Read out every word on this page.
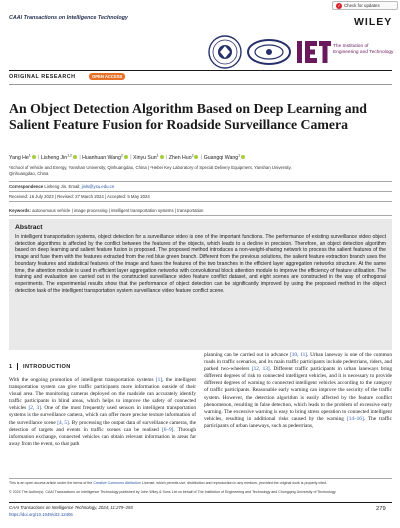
CAAI Transactions on Intelligence Technology
✓ Check for updates
WILEY
The Institution of
Engineering and Technology
ORIGINAL RESEARCH	OPEN ACCESS
An Object Detection Algorithm Based on Deep Learning and Salient Feature Fusion for Roadside Surveillance Camera
Yang He$^1$ | Lisheng Jin$^{1,2}$ | Huanhuan Wang$^2$ | Xinyu Sun$^1$ | Zhen Huo$^2$ | Guangqi Wang$^1$
¹School of Vehicle and Energy, Yanshan University, Qinhuangdao, China | ²Hebei Key Laboratory of Special Delivery Equipment, Yanshan University,
Qinhuangdao, China
Correspondence Lisheng Jin. Email: jinls@ysu.edu.cn
Received: 16 July 2023 | Revised: 27 March 2024 | Accepted: 5 May 2024
Keywords: autonomous vehicle | image processing | intelligent transportation systems | transportation
Abstract
In intelligent transportation systems, object detection for a surveillance video is one of the important functions. The performance of existing surveillance video object detection algorithms is affected by the conflict between the features of the objects, which leads to a decline in precision. Therefore, an object detection algorithm based on deep learning and salient feature fusion is proposed. The proposed method introduces a non-weight-sharing network to process the salient features of the image and fuse them with the features extracted from the red blue green branch. Different from the previous solutions, the salient feature extraction branch uses the boundary features and statistical features of the image and fuses the features of the two branches in the efficient layer aggregation networks structure. At the same time, the attention module is used in efficient layer aggregation networks with convolutional block attention module to improve the efficiency of feature utilisation. The training and evaluation are carried out in the constructed surveillance video feature conflict dataset, and eight scenes are constructed in the way of orthogonal experiments. The experimental results show that the performance of object detection can be significantly improved by using the proposed method in the object detection task of the intelligent transportation system surveillance video feature conflict scene.
1 INTRODUCTION
With the ongoing promotion of intelligent transportation systems [1], the intelligent transportation system can give traffic participants more information outside of their visual area. The monitoring cameras deployed on the roadside can accurately identify traffic participants in blind areas, which helps to improve the safety of connected vehicles [2, 3]. One of the most frequently used sensors in intelligent transportation systems is the surveillance camera, which can offer more precise texture information of the surveillance scene [4, 5]. By processing the output data of surveillance cameras, the detection of targets and events in traffic scenes can be realised [6–9]. Through information exchange, connected vehicles can obtain relevant information in areas far away from the event, so that path
planning can be carried out in advance [10, 11]. Urban laneway is one of the common roads in traffic scenarios, and its main traffic participants include pedestrians, riders, and parked two-wheelers [12, 13]. Different traffic participants in urban laneways bring different degrees of risk to connected intelligent vehicles, and it is necessary to provide different degrees of warning to connected intelligent vehicles according to the category of traffic participants. Reasonable early warning can improve the security of the traffic system. However, the detection algorithm is easily affected by the feature conflict phenomenon, resulting in false detection, which leads to the problem of excessive early warning. The excessive warning is easy to bring stress operation to connected intelligent vehicles, resulting in additional risks caused by the warning [14–16]. The traffic participants of urban laneways, such as pedestrians,
This is an open access article under the terms of the Creative Commons Attribution License, which permits use, distribution and reproduction in any medium, provided the original work is properly cited.
© 2024 The Author(s). CAAI Transactions on Intelligence Technology published by John Wiley & Sons Ltd on behalf of The Institution of Engineering and Technology and Chongqing University of Technology.
CAAI Transactions on Intelligence Technology, 2024; 11:279–293
https://doi.org/10.1049/cit2.12406
279
